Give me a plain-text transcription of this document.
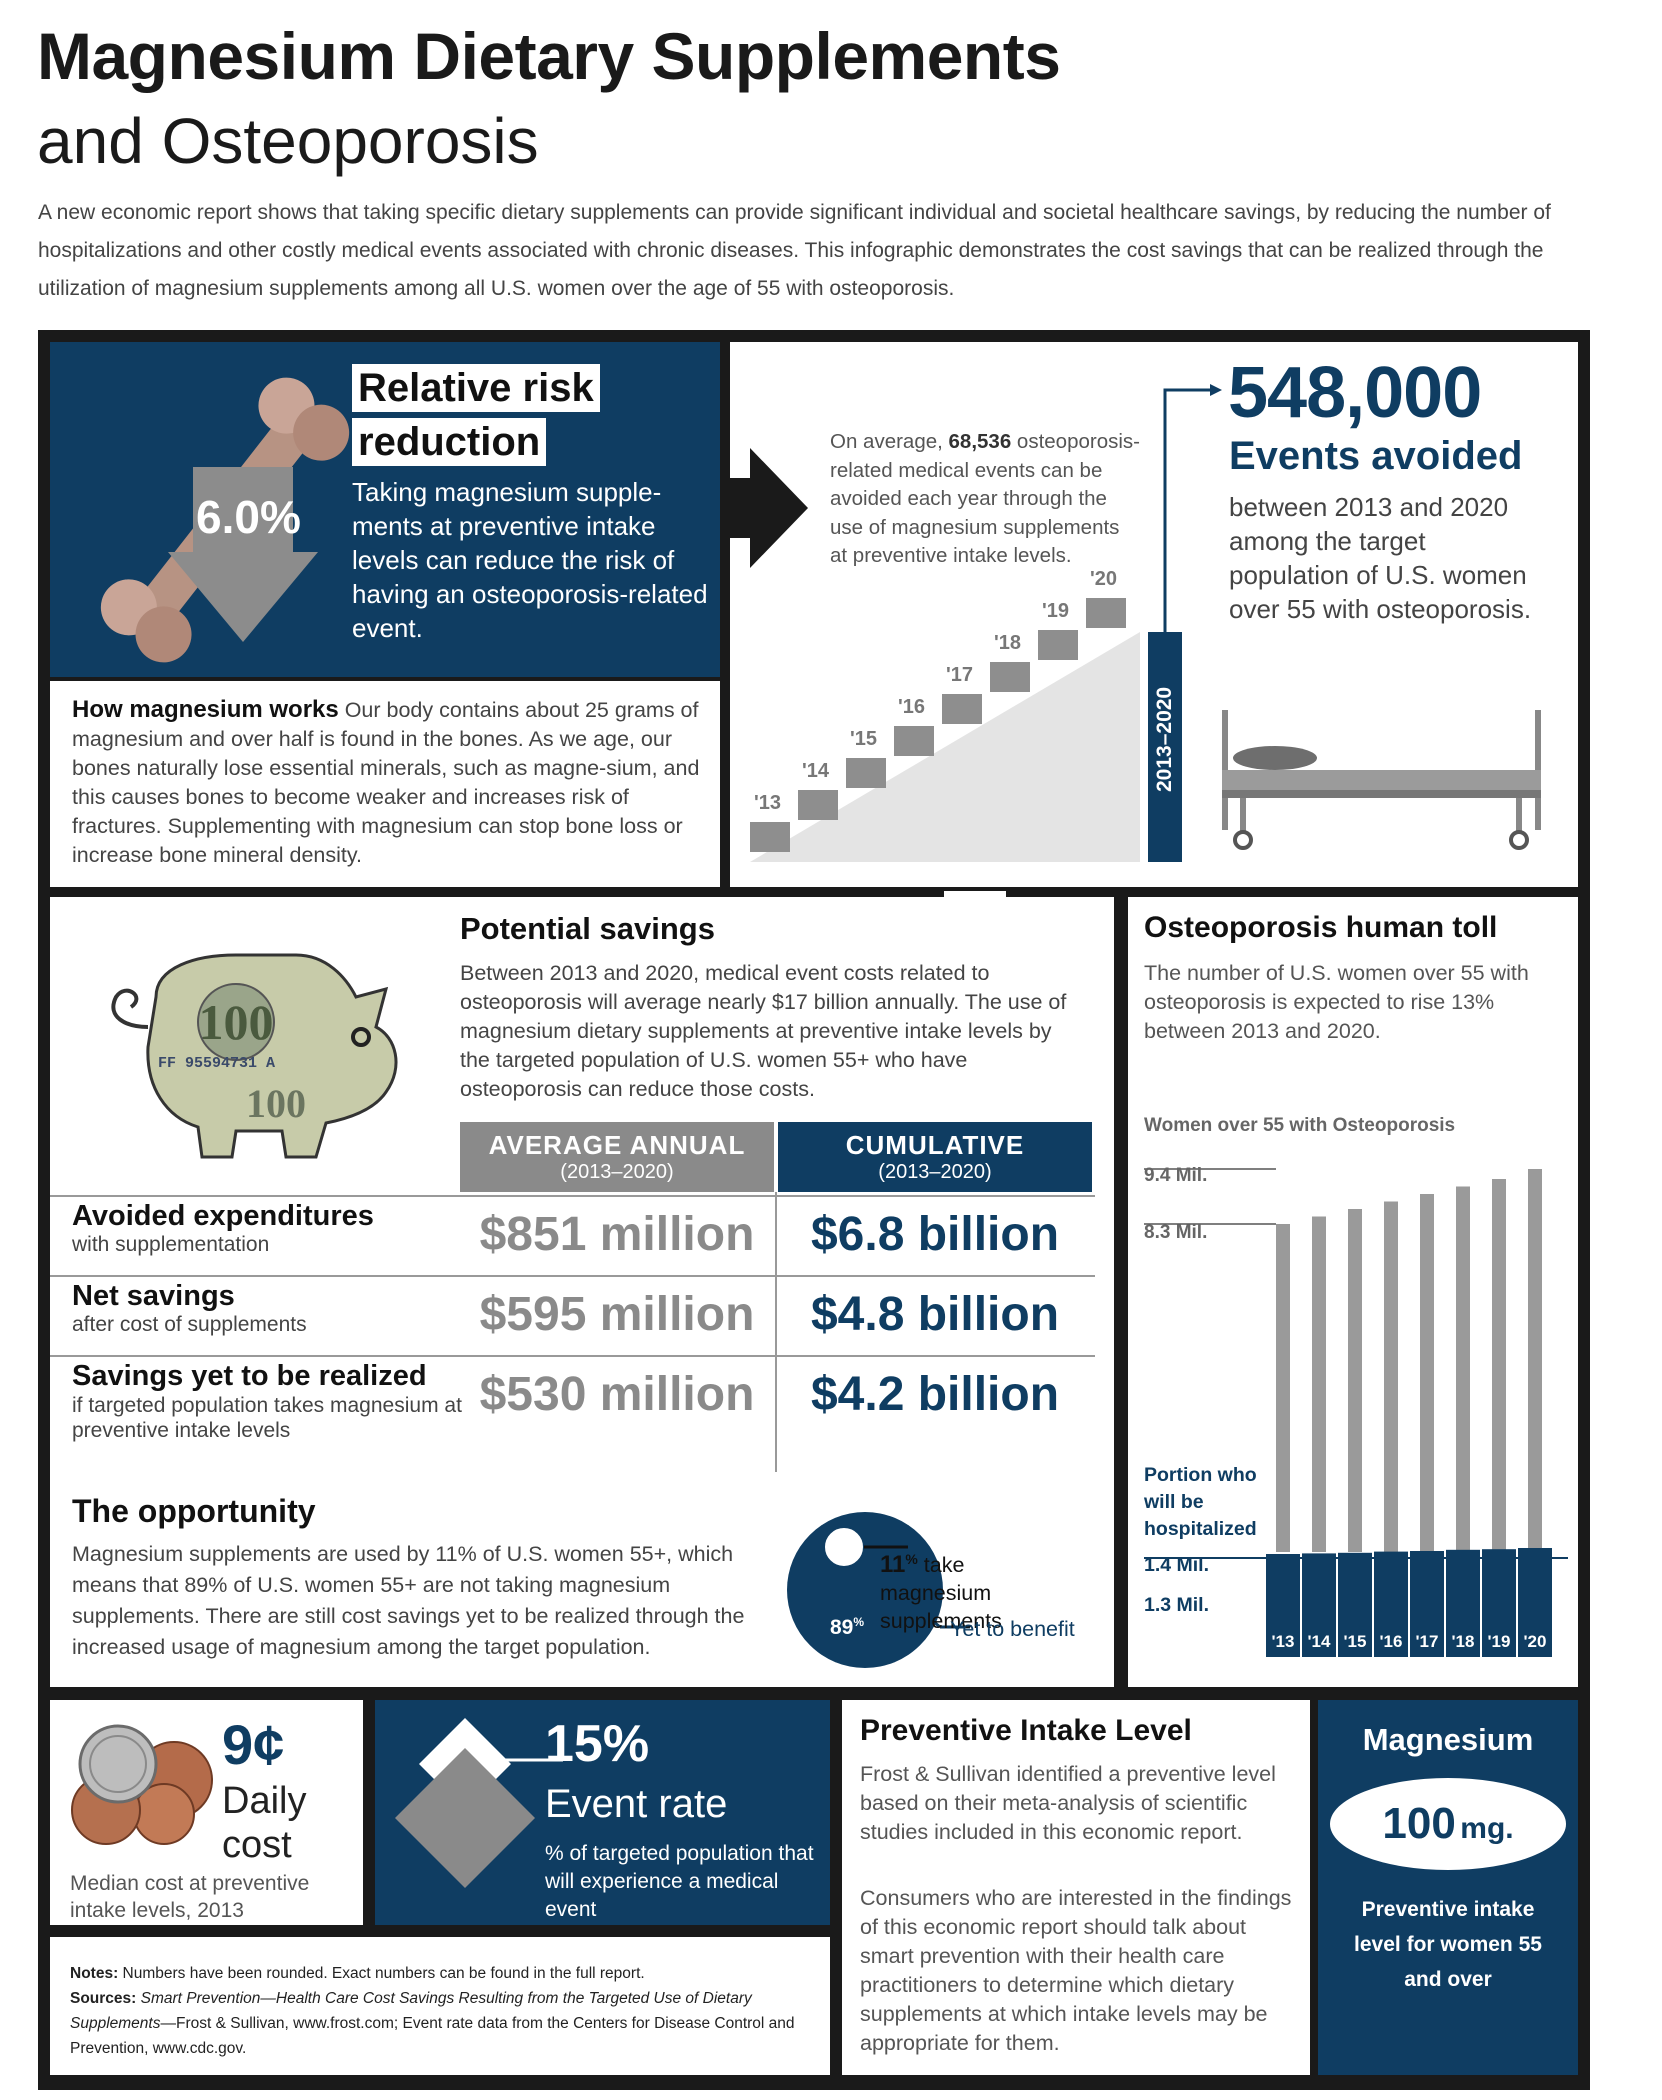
Magnesium Dietary Supplements
and Osteoporosis
A new economic report shows that taking specific dietary supplements can provide significant individual and societal healthcare savings, by reducing the number of hospitalizations and other costly medical events associated with chronic diseases. This infographic demonstrates the cost savings that can be realized through the utilization of magnesium supplements among all U.S. women over the age of 55 with osteoporosis.
6.0%
Relative risk
reduction
Taking magnesium supple-ments at preventive intake levels can reduce the risk of having an osteoporosis-related event.
How magnesium works Our body contains about 25 grams of magnesium and over half is found in the bones. As we age, our bones naturally lose essential minerals, such as magne-sium, and this causes bones to become weaker and increases risk of fractures. Supplementing with magnesium can stop bone loss or increase bone mineral density.
On average, 68,536 osteoporosis-related medical events can be avoided each year through the use of magnesium supplements at preventive intake levels.
2013–2020
548,000
Events avoided
between 2013 and 2020 among the target population of U.S. women over 55 with osteoporosis.
'13
'14
'15
'16
'17
'18
'19
'20
100
100
FF 95594731 A
Potential savings
Between 2013 and 2020, medical event costs related to osteoporosis will average nearly $17 billion annually. The use of magnesium dietary supplements at preventive intake levels by the targeted population of U.S. women 55+ who have osteoporosis can reduce those costs.
AVERAGE ANNUAL
(2013–2020)
CUMULATIVE
(2013–2020)
Avoided expenditures
with supplementation	$851 million	$6.8 billion
Net savings
after cost of supplements	$595 million	$4.8 billion
Savings yet to be realized
if targeted population takes magnesium at preventive intake levels
$530 million	$4.2 billion
The opportunity
Magnesium supplements are used by 11% of U.S. women 55+, which means that 89% of U.S. women 55+ are not taking magnesium supplements. There are still cost savings yet to be realized through the increased usage of magnesium among the target population.
11% take
magnesium
supplements
89%	Yet to benefit
Osteoporosis human toll
The number of U.S. women over 55 with osteoporosis is expected to rise 13% between 2013 and 2020.
Women over 55 with Osteoporosis
'13 '14 '15 '16 '17 '18 '19 '20
9.4 Mil.
8.3 Mil.
Portion who will be hospitalized
1.4 Mil.
1.3 Mil.
9¢
Daily
cost
Median cost at preventive intake levels, 2013
15%
Event rate
% of targeted population that will experience a medical event
Notes: Numbers have been rounded. Exact numbers can be found in the full report.
Sources: Smart Prevention—Health Care Cost Savings Resulting from the Targeted Use of Dietary Supplements—Frost & Sullivan, www.frost.com; Event rate data from the Centers for Disease Control and Prevention, www.cdc.gov.
Preventive Intake Level
Frost & Sullivan identified a preventive level based on their meta-analysis of scientific studies included in this economic report.
Consumers who are interested in the findings of this economic report should talk about smart prevention with their health care practitioners to determine which dietary supplements at which intake levels may be appropriate for them.
Magnesium
100 mg.
Preventive intake level for women 55 and over
